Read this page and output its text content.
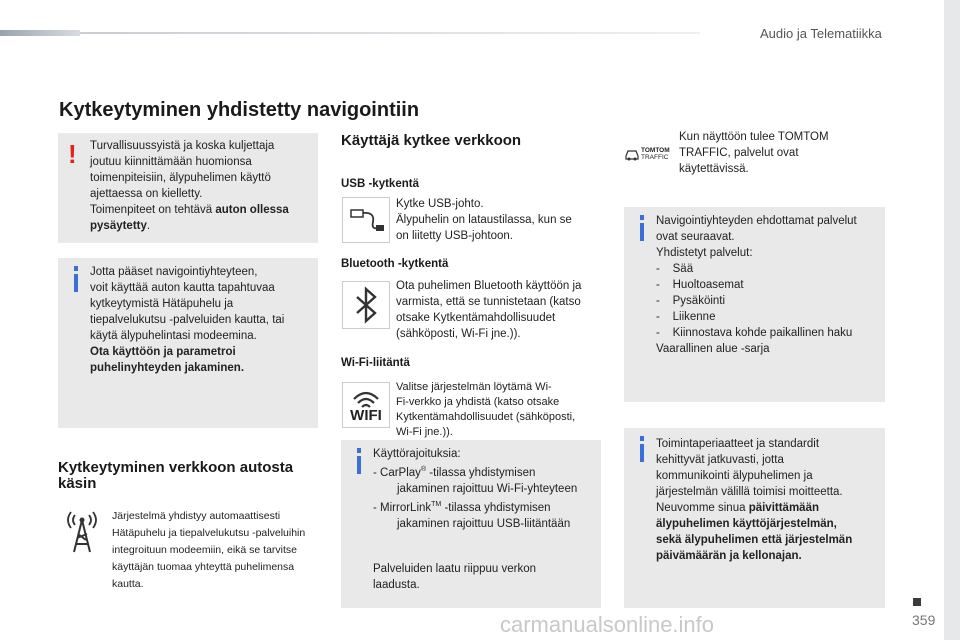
Audio ja Telematiikka
Kytkeytyminen yhdistetty navigointiin
! Turvallisuussyistä ja koska kuljettaja
joutuu kiinnittämään huomionsa
toimenpiteisiin, älypuhelimen käyttö
ajettaessa on kielletty.
Toimenpiteet on tehtävä auton ollessa
pysäytetty.
Jotta pääset navigointiyhteyteen,
voit käyttää auton kautta tapahtuvaa
kytkeytymistä Hätäpuhelu ja
tiepalvelukutsu -palveluiden kautta, tai
käytä älypuhelintasi modeemina.
Ota käyttöön ja parametroi
puhelinyhteyden jakaminen.
Kytkeytyminen verkkoon autosta
käsin
Järjestelmä yhdistyy automaattisesti
Hätäpuhelu ja tiepalvelukutsu -palveluihin
integroituun modeemiin, eikä se tarvitse
käyttäjän tuomaa yhteyttä puhelimensa
kautta.
Käyttäjä kytkee verkkoon
USB -kytkentä
Kytke USB-johto.
Älypuhelin on lataustilassa, kun se
on liitetty USB-johtoon.
Bluetooth -kytkentä
Ota puhelimen Bluetooth käyttöön ja
varmista, että se tunnistetaan (katso
otsake Kytkentämahdollisuudet
(sähköposti, Wi-Fi jne.)).
Wi-Fi-liitäntä
WIFI
Valitse järjestelmän löytämä Wi-
Fi-verkko ja yhdistä (katso otsake
Kytkentämahdollisuudet (sähköposti,
Wi-Fi jne.)).
Käyttörajoituksia:
- CarPlay® -tilassa yhdistymisen
jakaminen rajoittuu Wi-Fi-yhteyteen
- MirrorLink™ -tilassa yhdistymisen
jakaminen rajoittuu USB-liitäntään
Palveluiden laatu riippuu verkon
laadusta.
TOMTOM
TRAFFIC
Kun näyttöön tulee TOMTOM
TRAFFIC, palvelut ovat
käytettävissä.
Navigointiyhteyden ehdottamat palvelut
ovat seuraavat.
Yhdistetyt palvelut:
-    Sää
-    Huoltoasemat
-    Pysäköinti
-    Liikenne
-    Kiinnostava kohde paikallinen haku
Vaarallinen alue -sarja
Toimintaperiaatteet ja standardit
kehittyvät jatkuvasti, jotta
kommunikointi älypuhelimen ja
järjestelmän välillä toimisi moitteetta.
Neuvomme sinua päivittämään
älypuhelimen käyttöjärjestelmän,
sekä älypuhelimen että järjestelmän
päivämäärän ja kellonajan.
carmanualsonline.info	359
